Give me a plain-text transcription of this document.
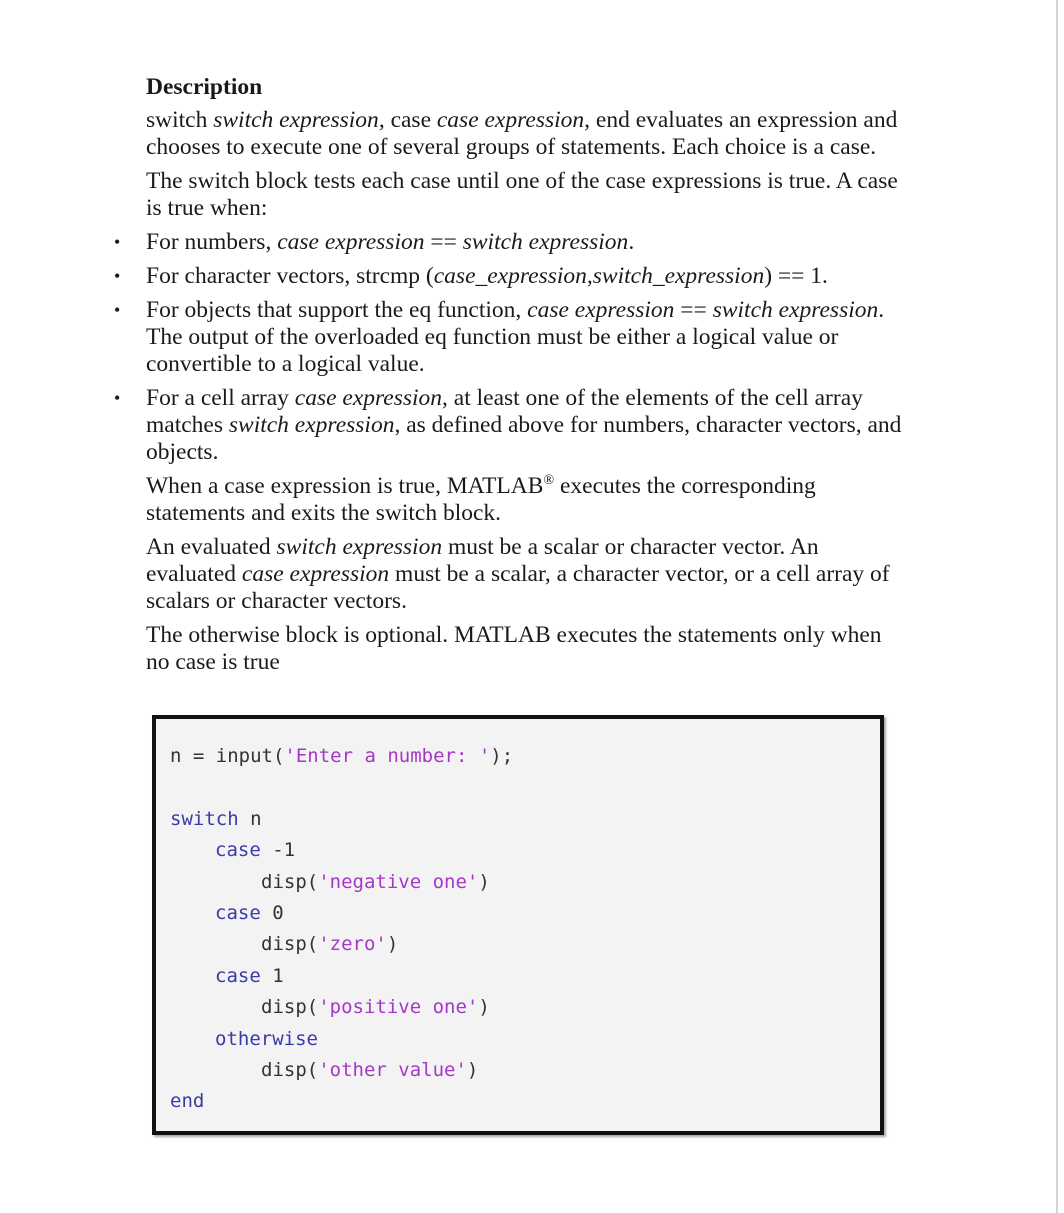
Description

switch switch expression, case case expression, end evaluates an expression and chooses to execute one of several groups of statements. Each choice is a case.

The switch block tests each case until one of the case expressions is true. A case is true when:

• For numbers, case expression == switch expression.
• For character vectors, strcmp (case_expression,switch_expression) == 1.
• For objects that support the eq function, case expression == switch expression. The output of the overloaded eq function must be either a logical value or convertible to a logical value.
• For a cell array case expression, at least one of the elements of the cell array matches switch expression, as defined above for numbers, character vectors, and objects.

When a case expression is true, MATLAB® executes the corresponding statements and exits the switch block.

An evaluated switch expression must be a scalar or character vector. An evaluated case expression must be a scalar, a character vector, or a cell array of scalars or character vectors.

The otherwise block is optional. MATLAB executes the statements only when no case is true

n = input('Enter a number: ');
switch n
case -1
disp('negative one')
case 0
disp('zero')
case 1
disp('positive one')
otherwise
disp('other value')
end
